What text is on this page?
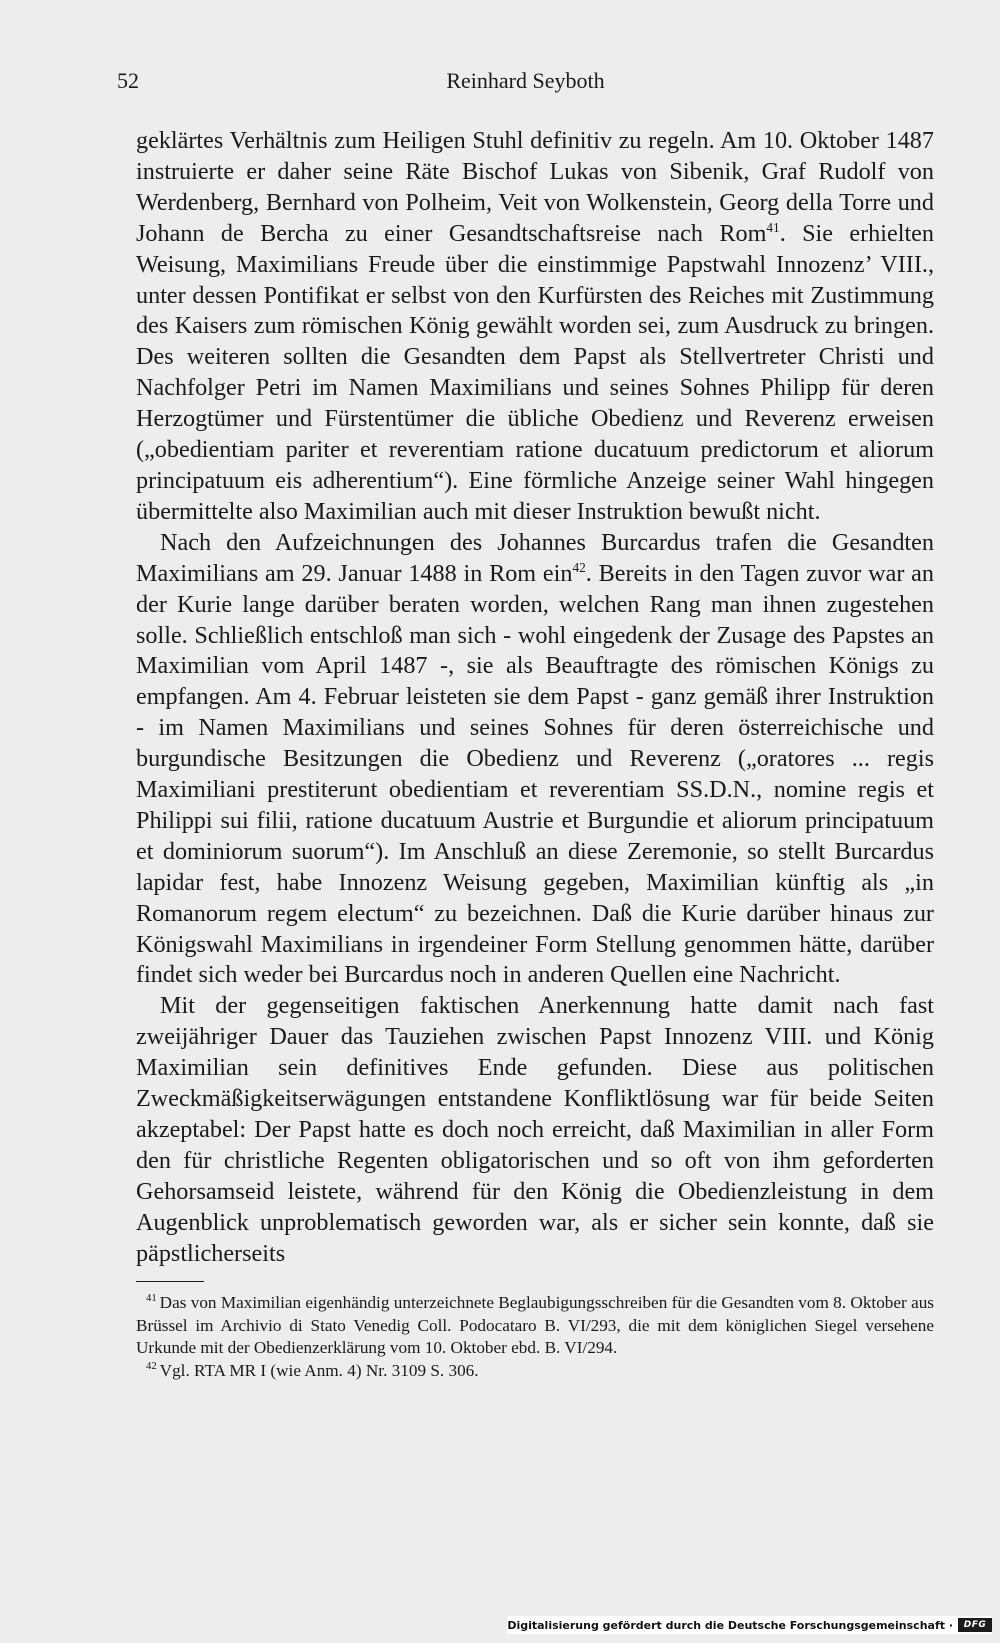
52	Reinhard Seyboth

geklärtes Verhältnis zum Heiligen Stuhl definitiv zu regeln. Am 10. Oktober 1487 instruierte er daher seine Räte Bischof Lukas von Sibenik, Graf Rudolf von Werdenberg, Bernhard von Polheim, Veit von Wolkenstein, Georg della Torre und Johann de Bercha zu einer Gesandtschaftsreise nach Rom$^{41}$. Sie erhielten Weisung, Maximilians Freude über die einstimmige Papstwahl Innozenz’ VIII., unter dessen Pontifikat er selbst von den Kurfürsten des Reiches mit Zustimmung des Kaisers zum römischen König gewählt worden sei, zum Ausdruck zu bringen. Des weiteren sollten die Gesandten dem Papst als Stellvertreter Christi und Nachfolger Petri im Namen Maximilians und seines Sohnes Philipp für deren Herzogtümer und Fürstentümer die übliche Obedienz und Reverenz erweisen („obedientiam pariter et reverentiam ratione ducatuum predictorum et aliorum principatuum eis adherentium“). Eine förmliche Anzeige seiner Wahl hingegen übermittelte also Maximilian auch mit dieser Instruktion bewußt nicht.

Nach den Aufzeichnungen des Johannes Burcardus trafen die Gesandten Maximilians am 29. Januar 1488 in Rom ein$^{42}$. Bereits in den Tagen zuvor war an der Kurie lange darüber beraten worden, welchen Rang man ihnen zugestehen solle. Schließlich entschloß man sich - wohl eingedenk der Zusage des Papstes an Maximilian vom April 1487 -, sie als Beauftragte des römischen Königs zu empfangen. Am 4. Februar leisteten sie dem Papst - ganz gemäß ihrer Instruktion - im Namen Maximilians und seines Sohnes für deren österreichische und burgundische Besitzungen die Obedienz und Reverenz („oratores ... regis Maximiliani prestiterunt obedientiam et reverentiam SS.D.N., nomine regis et Philippi sui filii, ratione ducatuum Austrie et Burgundie et aliorum principatuum et dominiorum suorum“). Im Anschluß an diese Zeremonie, so stellt Burcardus lapidar fest, habe Innozenz Weisung gegeben, Maximilian künftig als „in Romanorum regem electum“ zu bezeichnen. Daß die Kurie darüber hinaus zur Königswahl Maximilians in irgendeiner Form Stellung genommen hätte, darüber findet sich weder bei Burcardus noch in anderen Quellen eine Nachricht.

Mit der gegenseitigen faktischen Anerkennung hatte damit nach fast zweijähriger Dauer das Tauziehen zwischen Papst Innozenz VIII. und König Maximilian sein definitives Ende gefunden. Diese aus politischen Zweckmäßigkeitserwägungen entstandene Konfliktlösung war für beide Seiten akzeptabel: Der Papst hatte es doch noch erreicht, daß Maximilian in aller Form den für christliche Regenten obligatorischen und so oft von ihm geforderten Gehorsamseid leistete, während für den König die Obedienzleistung in dem Augenblick unproblematisch geworden war, als er sicher sein konnte, daß sie päpstlicherseits

$^{41}$ Das von Maximilian eigenhändig unterzeichnete Beglaubigungsschreiben für die Gesandten vom 8. Oktober aus Brüssel im Archivio di Stato Venedig Coll. Podocataro B. VI/293, die mit dem königlichen Siegel versehene Urkunde mit der Obedienzerklärung vom 10. Oktober ebd. B. VI/294.

$^{42}$ Vgl. RTA MR I (wie Anm. 4) Nr. 3109 S. 306.

Digitalisierung gefördert durch die Deutsche Forschungsgemeinschaft ·	DFG
